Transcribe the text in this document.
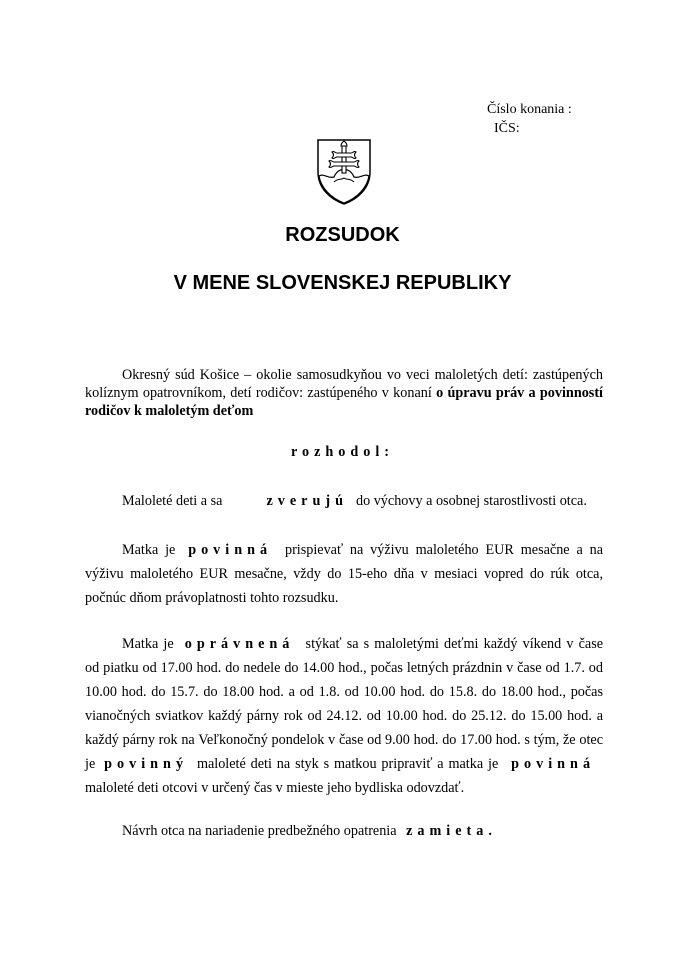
Číslo konania :
IČS:
ROZSUDOK
V MENE SLOVENSKEJ REPUBLIKY

Okresný súd Košice – okolie samosudkyňou vo veci maloletých detí: zastúpených kolíznym opatrovníkom, detí rodičov: zastúpeného v konaní o úpravu práv a povinností rodičov k maloletým deťom

rozhodol:

Maloleté deti a sa	zverujú do výchovy a osobnej starostlivosti otca.

Matka je povinná prispievať na výživu maloletého EUR mesačne a na výživu maloletého EUR mesačne, vždy do 15-eho dňa v mesiaci vopred do rúk otca, počnúc dňom právoplatnosti tohto rozsudku.

Matka je oprávnená stýkať sa s maloletými deťmi každý víkend v čase od piatku od 17.00 hod. do nedele do 14.00 hod., počas letných prázdnin v čase od 1.7. od 10.00 hod. do 15.7. do 18.00 hod. a od 1.8. od 10.00 hod. do 15.8. do 18.00 hod., počas vianočných sviatkov každý párny rok od 24.12. od 10.00 hod. do 25.12. do 15.00 hod. a každý párny rok na Veľkonočný pondelok v čase od 9.00 hod. do 17.00 hod. s tým, že otec je povinný maloleté deti na styk s matkou pripraviť a matka je povinná maloleté deti otcovi v určený čas v mieste jeho bydliska odovzdať.

Návrh otca na nariadenie predbežného opatrenia zamieta.
